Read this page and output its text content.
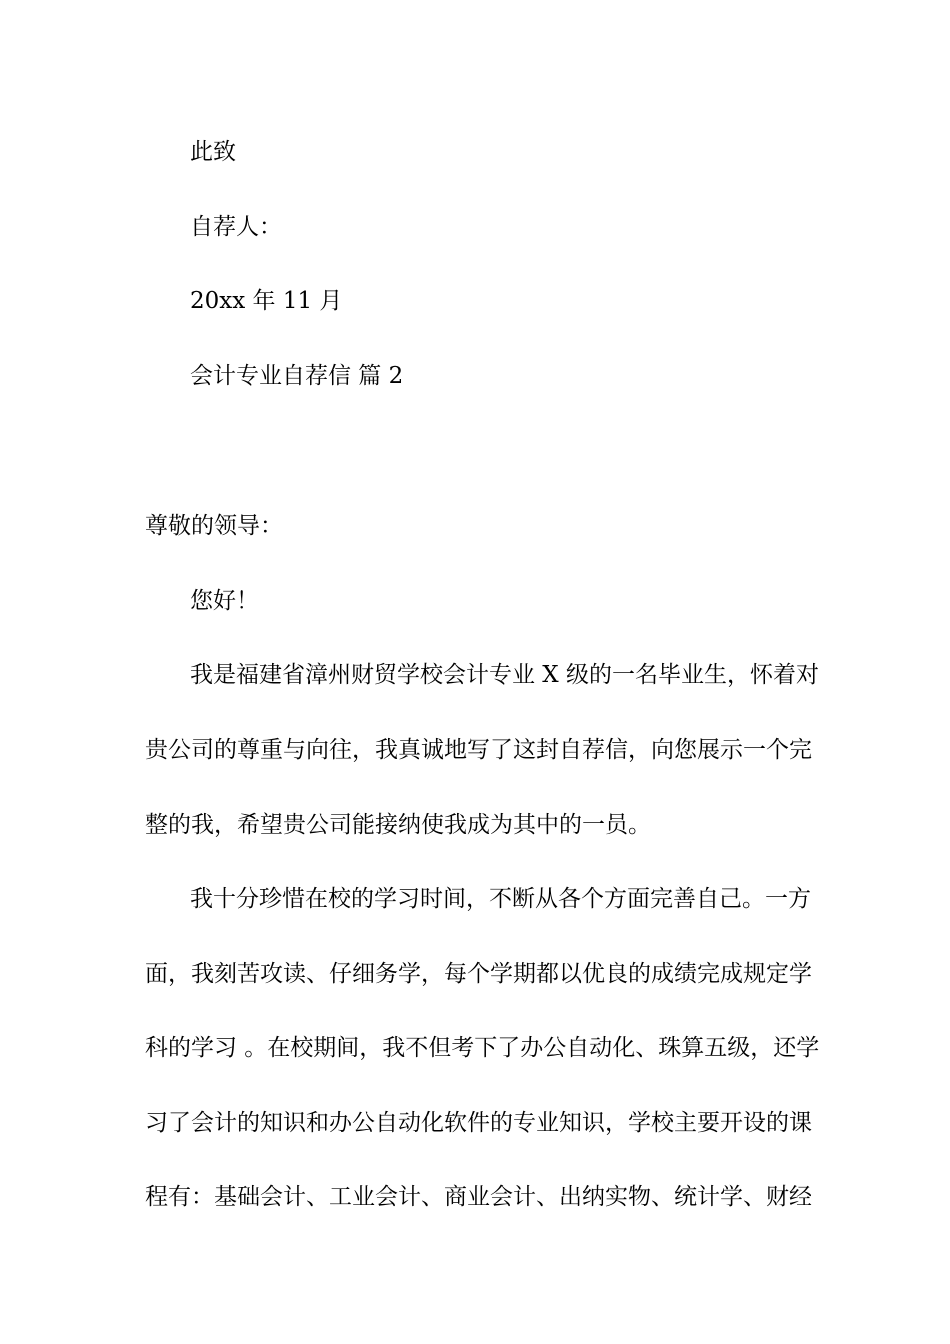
此致
自荐人：
20xx 年 11 月
会计专业自荐信 篇 2
尊敬的领导：
您好！
我是福建省漳州财贸学校会计专业 X 级的一名毕业生，怀着对
贵公司的尊重与向往，我真诚地写了这封自荐信，向您展示一个完
整的我，希望贵公司能接纳使我成为其中的一员。
我十分珍惜在校的学习时间，不断从各个方面完善自己。一方
面，我刻苦攻读、仔细务学，每个学期都以优良的成绩完成规定学
科的学习 。在校期间，我不但考下了办公自动化、珠算五级，还学
习了会计的知识和办公自动化软件的专业知识，学校主要开设的课
程有：基础会计、工业会计、商业会计、出纳实物、统计学、财经
